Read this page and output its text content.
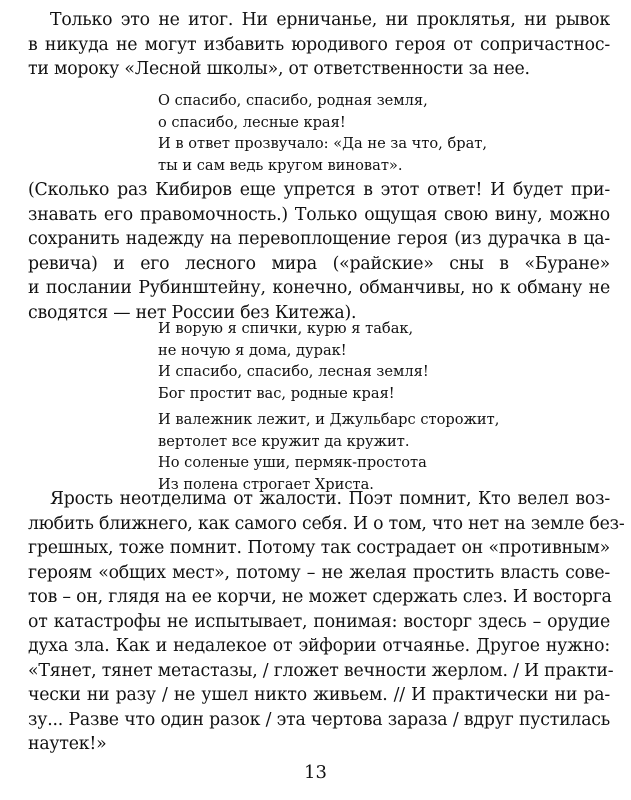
Только это не итог. Ни ерничанье, ни проклятья, ни рывок
в никуда не могут избавить юродивого героя от сопричастнос-
ти мороку «Лесной школы», от ответственности за нее.
О спасибо, спасибо, родная земля,
о спасибо, лесные края!
И в ответ прозвучало: «Да не за что, брат,
ты и сам ведь кругом виноват».
(Сколько раз Кибиров еще упрется в этот ответ! И будет при-
знавать его правомочность.) Только ощущая свою вину, можно
сохранить надежду на перевоплощение героя (из дурачка в ца-
ревича) и его лесного мира («райские» сны в «Буране»
и послании Рубинштейну, конечно, обманчивы, но к обману не
сводятся — нет России без Китежа).
И ворую я спички, курю я табак,
не ночую я дома, дурак!
И спасибо, спасибо, лесная земля!
Бог простит вас, родные края!
И валежник лежит, и Джульбарс сторожит,
вертолет все кружит да кружит.
Но соленые уши, пермяк-простота
Из полена строгает Христа.
Ярость неотделима от жалости. Поэт помнит, Кто велел воз-
любить ближнего, как самого себя. И о том, что нет на земле без-
грешных, тоже помнит. Потому так сострадает он «противным»
героям «общих мест», потому – не желая простить власть сове-
тов – он, глядя на ее корчи, не может сдержать слез. И восторга
от катастрофы не испытывает, понимая: восторг здесь – орудие
духа зла. Как и недалекое от эйфории отчаянье. Другое нужно:
«Тянет, тянет метастазы, / гложет вечности жерлом. / И практи-
чески ни разу / не ушел никто живьем. // И практически ни ра-
зу... Разве что один разок / эта чертова зараза / вдруг пустилась
наутек!»
13
